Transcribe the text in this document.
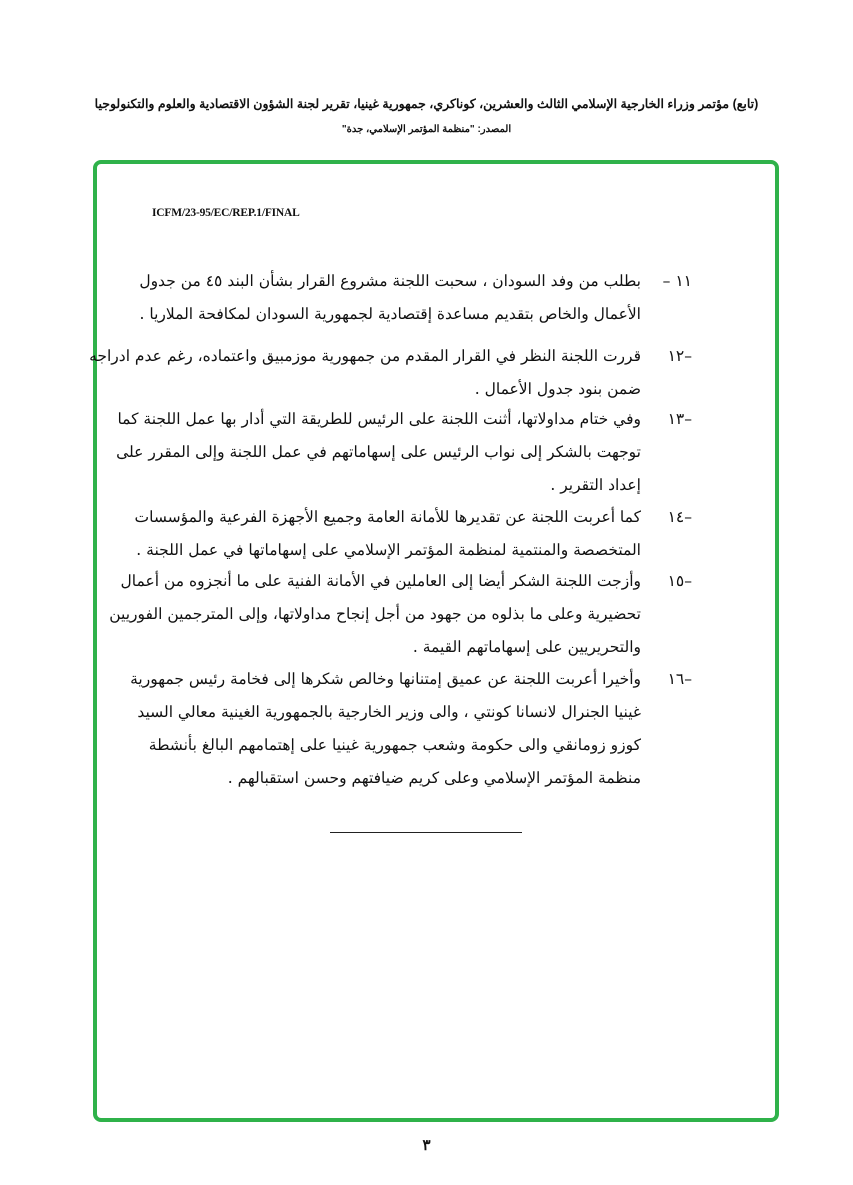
(تابع) مؤتمر وزراء الخارجية الإسلامي الثالث والعشرين، كوناكري، جمهورية غينيا، تقرير لجنة الشؤون الاقتصادية والعلوم والتكنولوجيا
المصدر: "منظمة المؤتمر الإسلامي، جدة"
ICFM/23-95/EC/REP.1/FINAL
١١ –
بطلب من وفد السودان ، سحبت اللجنة مشروع القرار بشأن البند ٤٥ من جدول
الأعمال والخاص بتقديم مساعدة إقتصادية لجمهورية السودان لمكافحة الملاريا .
–١٢
قررت اللجنة النظر في القرار المقدم من جمهورية موزمبيق واعتماده، رغم عدم ادراجه
ضمن بنود جدول الأعمال .
–١٣
وفي ختام مداولاتها، أثنت اللجنة على الرئيس للطريقة التي أدار بها عمل اللجنة كما
توجهت بالشكر إلى نواب الرئيس على إسهاماتهم في عمل اللجنة وإلى المقرر على
إعداد التقرير .
–١٤
كما أعربت اللجنة عن تقديرها للأمانة العامة وجميع الأجهزة الفرعية والمؤسسات
المتخصصة والمنتمية لمنظمة المؤتمر الإسلامي على إسهاماتها في عمل اللجنة .
–١٥
وأزجت اللجنة الشكر أيضا إلى العاملين في الأمانة الفنية على ما أنجزوه من أعمال
تحضيرية وعلى ما بذلوه من جهود من أجل إنجاح مداولاتها، وإلى المترجمين الفوريين
والتحريريين على إسهاماتهم القيمة .
–١٦
وأخيرا أعربت اللجنة عن عميق إمتنانها وخالص شكرها إلى فخامة رئيس جمهورية
غينيا الجنرال لانسانا كونتي ، والى وزير الخارجية بالجمهورية الغينية معالي السيد
كوزو زومانقي والى حكومة وشعب جمهورية غينيا على إهتمامهم البالغ بأنشطة
منظمة المؤتمر الإسلامي وعلى كريم ضيافتهم وحسن استقبالهم .
٣
